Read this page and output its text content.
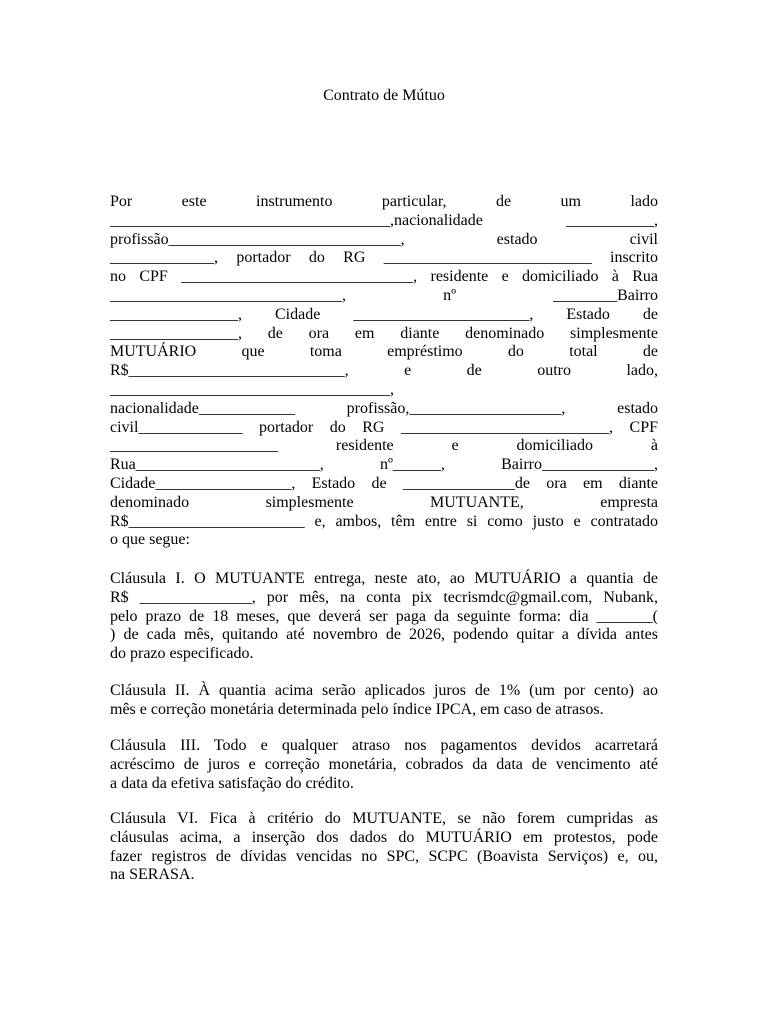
Contrato de Mútuo
Por este instrumento particular, de um lado
___________________________________,nacionalidade ___________,
profissão_____________________________, estado civil
_____________, portador do RG __________________________ inscrito
no CPF _____________________________, residente e domiciliado à Rua
_____________________________, nº ________Bairro
________________, Cidade ______________________, Estado de
________________, de ora em diante denominado simplesmente
MUTUÁRIO que toma empréstimo do total de
R$___________________________, e de outro lado,
___________________________________,
nacionalidade____________ profissão,___________________, estado
civil_____________ portador do RG __________________________, CPF
_____________________ residente e domiciliado à
Rua_______________________, nº______, Bairro______________,
Cidade_________________, Estado de ______________de ora em diante
denominado simplesmente MUTUANTE, empresta
R$______________________ e, ambos, têm entre si como justo e contratado
o que segue:
Cláusula I. O MUTUANTE entrega, neste ato, ao MUTUÁRIO a quantia de
R$ ______________, por mês, na conta pix tecrismdc@gmail.com, Nubank,
pelo prazo de 18 meses, que deverá ser paga da seguinte forma: dia _______(
) de cada mês, quitando até novembro de 2026, podendo quitar a dívida antes
do prazo especificado.
Cláusula II. À quantia acima serão aplicados juros de 1% (um por cento) ao
mês e correção monetária determinada pelo índice IPCA, em caso de atrasos.
Cláusula III. Todo e qualquer atraso nos pagamentos devidos acarretará
acréscimo de juros e correção monetária, cobrados da data de vencimento até
a data da efetiva satisfação do crédito.
Cláusula VI. Fica à critério do MUTUANTE, se não forem cumpridas as
cláusulas acima, a inserção dos dados do MUTUÁRIO em protestos, pode
fazer registros de dívidas vencidas no SPC, SCPC (Boavista Serviços) e, ou,
na SERASA.
